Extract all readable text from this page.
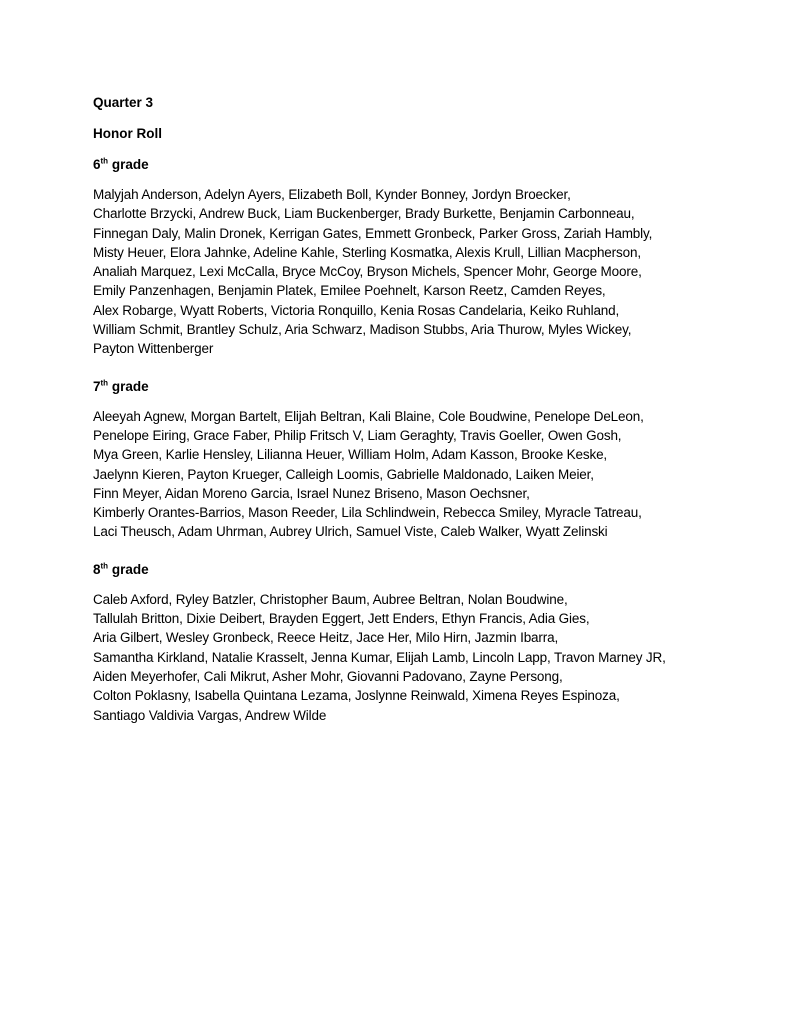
Quarter 3
Honor Roll
6th grade
Malyjah Anderson, Adelyn Ayers, Elizabeth Boll, Kynder Bonney, Jordyn Broecker,
Charlotte Brzycki, Andrew Buck, Liam Buckenberger, Brady Burkette, Benjamin Carbonneau,
Finnegan Daly, Malin Dronek, Kerrigan Gates, Emmett Gronbeck, Parker Gross, Zariah Hambly,
Misty Heuer, Elora Jahnke, Adeline Kahle, Sterling Kosmatka, Alexis Krull, Lillian Macpherson,
Analiah Marquez, Lexi McCalla, Bryce McCoy, Bryson Michels, Spencer Mohr, George Moore,
Emily Panzenhagen, Benjamin Platek, Emilee Poehnelt, Karson Reetz, Camden Reyes,
Alex Robarge, Wyatt Roberts, Victoria Ronquillo, Kenia Rosas Candelaria, Keiko Ruhland,
William Schmit, Brantley Schulz, Aria Schwarz, Madison Stubbs, Aria Thurow, Myles Wickey,
Payton Wittenberger
7th grade
Aleeyah Agnew, Morgan Bartelt, Elijah Beltran, Kali Blaine, Cole Boudwine, Penelope DeLeon,
Penelope Eiring, Grace Faber, Philip Fritsch V, Liam Geraghty, Travis Goeller, Owen Gosh,
Mya Green, Karlie Hensley, Lilianna Heuer, William Holm, Adam Kasson, Brooke Keske,
Jaelynn Kieren, Payton Krueger, Calleigh Loomis, Gabrielle Maldonado, Laiken Meier,
Finn Meyer, Aidan Moreno Garcia, Israel Nunez Briseno, Mason Oechsner,
Kimberly Orantes-Barrios, Mason Reeder, Lila Schlindwein, Rebecca Smiley, Myracle Tatreau,
Laci Theusch, Adam Uhrman, Aubrey Ulrich, Samuel Viste, Caleb Walker, Wyatt Zelinski
8th grade
Caleb Axford, Ryley Batzler, Christopher Baum, Aubree Beltran, Nolan Boudwine,
Tallulah Britton, Dixie Deibert, Brayden Eggert, Jett Enders, Ethyn Francis, Adia Gies,
Aria Gilbert, Wesley Gronbeck, Reece Heitz, Jace Her, Milo Hirn, Jazmin Ibarra,
Samantha Kirkland, Natalie Krasselt, Jenna Kumar, Elijah Lamb, Lincoln Lapp, Travon Marney JR,
Aiden Meyerhofer, Cali Mikrut, Asher Mohr, Giovanni Padovano, Zayne Persong,
Colton Poklasny, Isabella Quintana Lezama, Joslynne Reinwald, Ximena Reyes Espinoza,
Santiago Valdivia Vargas, Andrew Wilde
